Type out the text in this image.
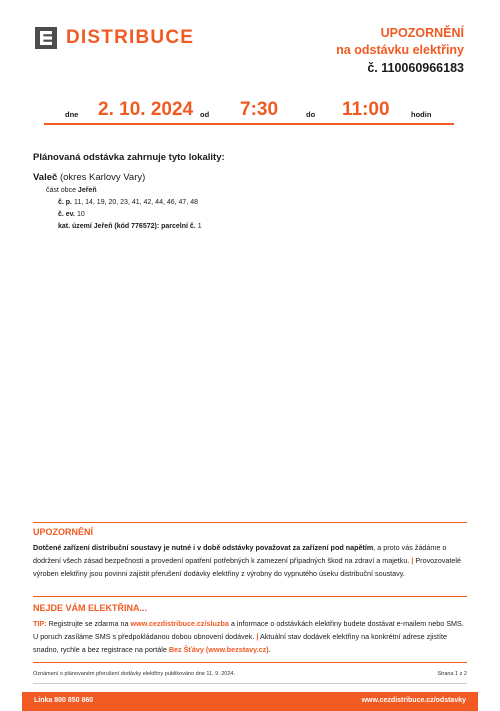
DISTRIBUCE	UPOZORNĚNÍ
na odstávku elektřiny
č. 110060966183
dne 2. 10. 2024 od 7:30	do 11:00	hodin
Plánovaná odstávka zahrnuje tyto lokality:
Valeč (okres Karlovy Vary)
část obce Jeřeň
č. p. 11, 14, 19, 20, 23, 41, 42, 44, 46, 47, 48
č. ev. 10
kat. území Jeřeň (kód 776572): parcelní č. 1
UPOZORNĚNÍ
Dotčené zařízení distribuční soustavy je nutné i v době odstávky považovat za zařízení pod napětím, a proto vás žádáme o dodržení všech zásad bezpečnosti a provedení opatření potřebných k zamezení případných škod na zdraví a majetku. | Provozovatelé výroben elektřiny jsou povinni zajistit přerušení dodávky elektřiny z výrobny do vypnutého úseku distribuční soustavy.
NEJDE VÁM ELEKTŘINA...
TIP: Registrujte se zdarma na www.cezdistribuce.cz/sluzba a informace o odstávkách elektřiny budete dostávat e-mailem nebo SMS. U poruch zasíláme SMS s předpokládanou dobou obnovení dodávek. | Aktuální stav dodávek elektřiny na konkrétní adrese zjistíte snadno, rychle a bez registrace na portále Bez Šťávy (www.bezstavy.cz).
Oznámení o plánovaném přerušení dodávky elektřiny publikováno dne 11. 9. 2024.	Strana 1 z 2
Linka 800 850 860	www.cezdistribuce.cz/odstavky
